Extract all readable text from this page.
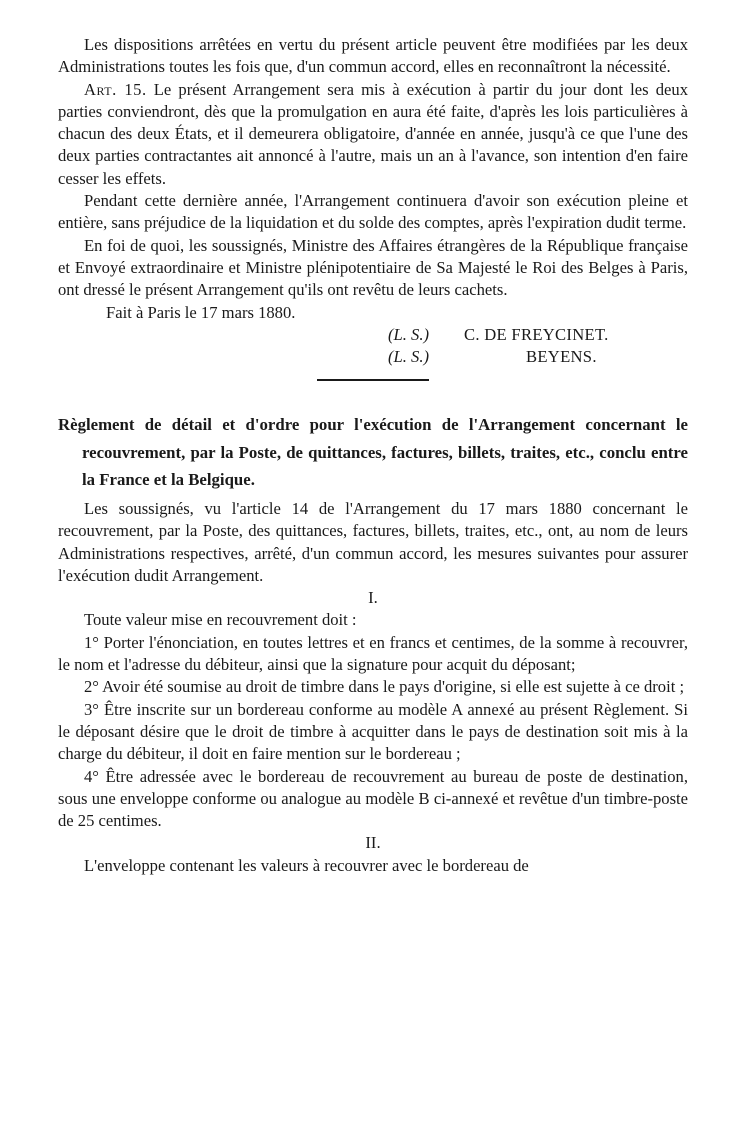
Les dispositions arrêtées en vertu du présent article peuvent être modifiées par les deux Administrations toutes les fois que, d'un commun accord, elles en reconnaîtront la nécessité.

Art. 15. Le présent Arrangement sera mis à exécution à partir du jour dont les deux parties conviendront, dès que la promulgation en aura été faite, d'après les lois particulières à chacun des deux États, et il demeurera obligatoire, d'année en année, jusqu'à ce que l'une des deux parties contractantes ait annoncé à l'autre, mais un an à l'avance, son intention d'en faire cesser les effets.

Pendant cette dernière année, l'Arrangement continuera d'avoir son exécution pleine et entière, sans préjudice de la liquidation et du solde des comptes, après l'expiration dudit terme.

En foi de quoi, les soussignés, Ministre des Affaires étrangères de la République française et Envoyé extraordinaire et Ministre plénipotentiaire de Sa Majesté le Roi des Belges à Paris, ont dressé le présent Arrangement qu'ils ont revêtu de leurs cachets.

Fait à Paris le 17 mars 1880.

(L. S.)	C. DE FREYCINET.
(L. S.)	BEYENS.

Règlement de détail et d'ordre pour l'exécution de l'Arrangement concernant le recouvrement, par la Poste, de quittances, factures, billets, traites, etc., conclu entre la France et la Belgique.

Les soussignés, vu l'article 14 de l'Arrangement du 17 mars 1880 concernant le recouvrement, par la Poste, des quittances, factures, billets, traites, etc., ont, au nom de leurs Administrations respectives, arrêté, d'un commun accord, les mesures suivantes pour assurer l'exécution dudit Arrangement.

I.

Toute valeur mise en recouvrement doit :

1° Porter l'énonciation, en toutes lettres et en francs et centimes, de la somme à recouvrer, le nom et l'adresse du débiteur, ainsi que la signature pour acquit du déposant;

2° Avoir été soumise au droit de timbre dans le pays d'origine, si elle est sujette à ce droit ;

3° Être inscrite sur un bordereau conforme au modèle A annexé au présent Règlement. Si le déposant désire que le droit de timbre à acquitter dans le pays de destination soit mis à la charge du débiteur, il doit en faire mention sur le bordereau ;

4° Être adressée avec le bordereau de recouvrement au bureau de poste de destination, sous une enveloppe conforme ou analogue au modèle B ci-annexé et revêtue d'un timbre-poste de 25 centimes.

II.

L'enveloppe contenant les valeurs à recouvrer avec le bordereau de
